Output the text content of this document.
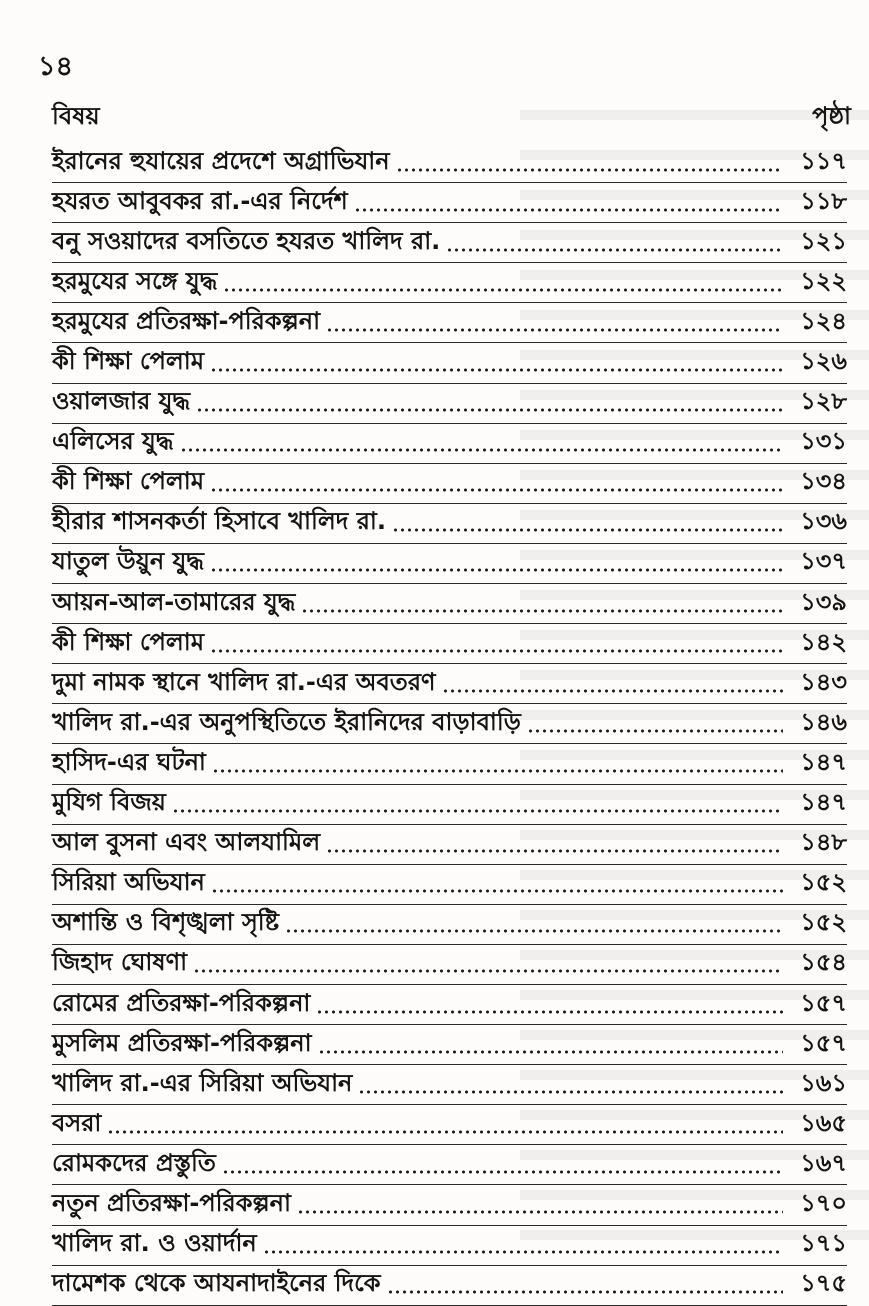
১৪
বিষয়	পৃষ্ঠা
ইরানের হুযায়ের প্রদেশে অগ্রাভিযান	১১৭
হযরত আবুবকর রা.-এর নির্দেশ	১১৮
বনু সওয়াদের বসতিতে হযরত খালিদ রা.	১২১
হরমুযের সঙ্গে যুদ্ধ	১২২
হরমুযের প্রতিরক্ষা-পরিকল্পনা	১২৪
কী শিক্ষা পেলাম	১২৬
ওয়ালজার যুদ্ধ	১২৮
এলিসের যুদ্ধ	১৩১
কী শিক্ষা পেলাম	১৩৪
হীরার শাসনকর্তা হিসাবে খালিদ রা.	১৩৬
যাতুল উয়ুন যুদ্ধ	১৩৭
আয়ন-আল-তামারের যুদ্ধ	১৩৯
কী শিক্ষা পেলাম	১৪২
দুমা নামক স্থানে খালিদ রা.-এর অবতরণ	১৪৩
খালিদ রা.-এর অনুপস্থিতিতে ইরানিদের বাড়াবাড়ি	১৪৬
হাসিদ-এর ঘটনা	১৪৭
মুযিগ বিজয়	১৪৭
আল বুসনা এবং আলযামিল	১৪৮
সিরিয়া অভিযান	১৫২
অশান্তি ও বিশৃঙ্খলা সৃষ্টি	১৫২
জিহাদ ঘোষণা	১৫৪
রোমের প্রতিরক্ষা-পরিকল্পনা	১৫৭
মুসলিম প্রতিরক্ষা-পরিকল্পনা	১৫৭
খালিদ রা.-এর সিরিয়া অভিযান	১৬১
বসরা	১৬৫
রোমকদের প্রস্তুতি	১৬৭
নতুন প্রতিরক্ষা-পরিকল্পনা	১৭০
খালিদ রা. ও ওয়ার্দান	১৭১
দামেশক থেকে আযনাদাইনের দিকে	১৭৫
